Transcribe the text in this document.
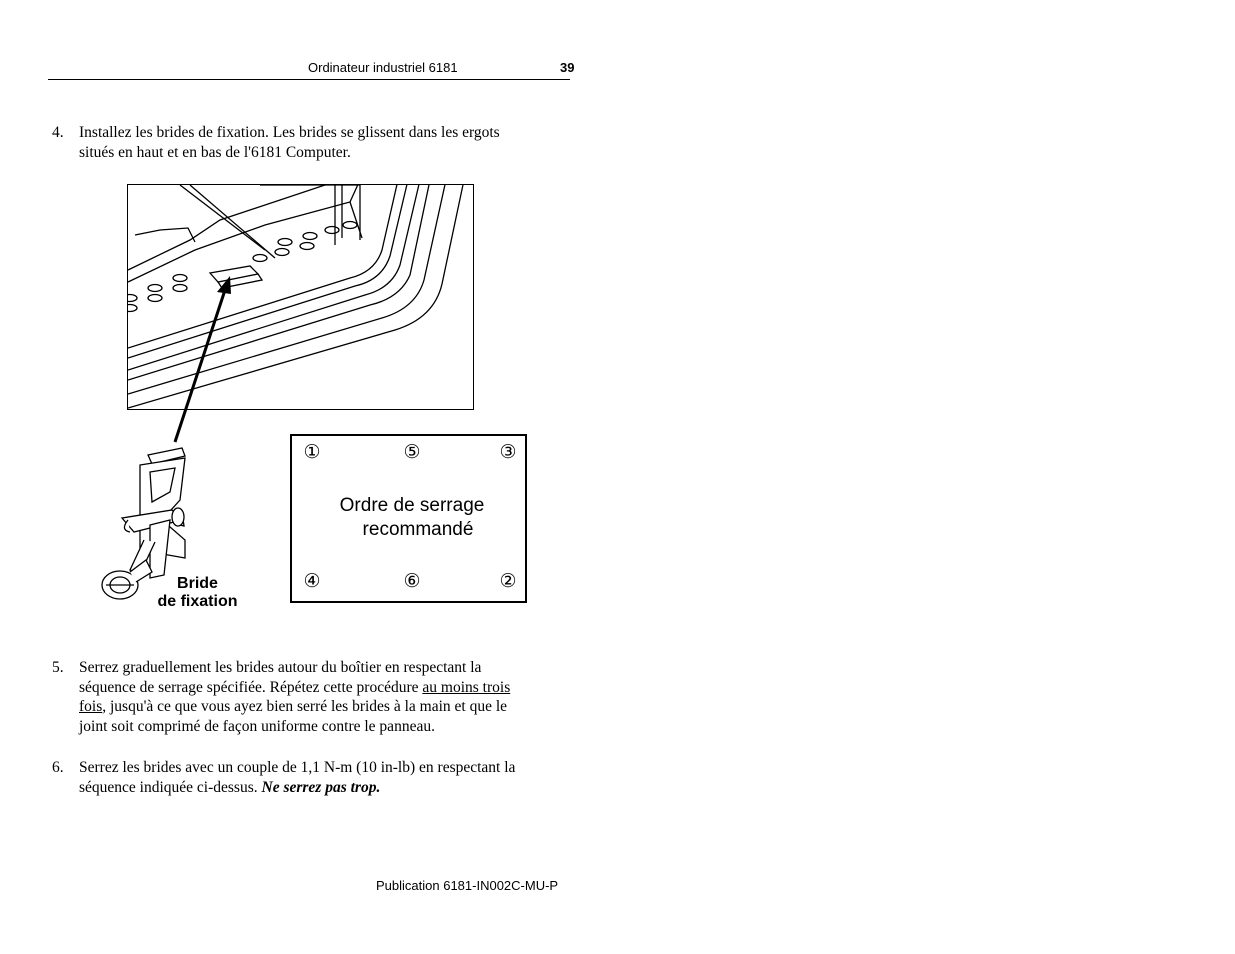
Ordinateur industriel 6181	39
4. Installez les brides de fixation. Les brides se glissent dans les ergots
situés en haut et en bas de l'6181 Computer.
Bride
de fixation
①	⑤	③
Ordre de serrage
recommandé
④	⑥	②
5. Serrez graduellement les brides autour du boîtier en respectant la
séquence de serrage spécifiée. Répétez cette procédure au moins trois
fois, jusqu'à ce que vous ayez bien serré les brides à la main et que le
joint soit comprimé de façon uniforme contre le panneau.
6. Serrez les brides avec un couple de 1,1 N-m (10 in-lb) en respectant la
séquence indiquée ci-dessus. Ne serrez pas trop.
Publication 6181-IN002C-MU-P
